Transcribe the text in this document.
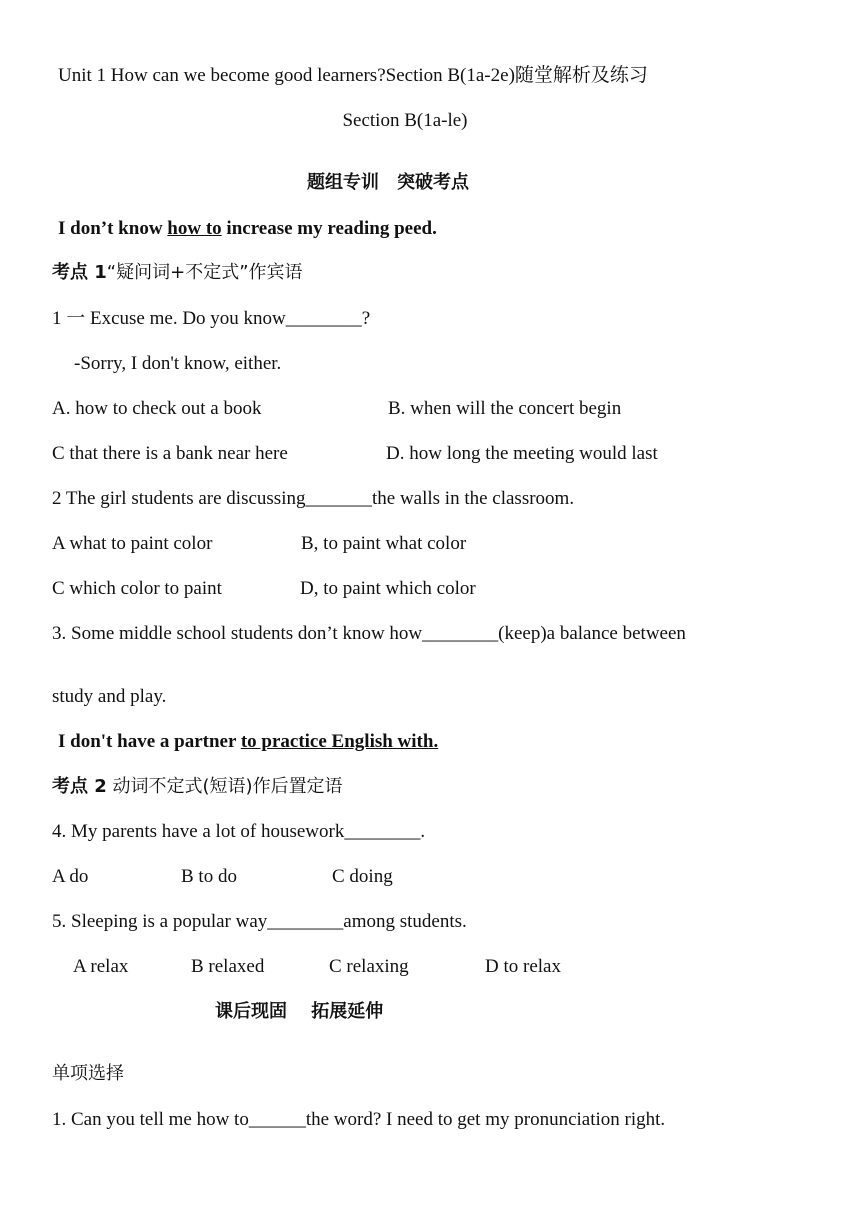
Unit 1 How can we become good learners?Section B(1a-2e)随堂解析及练习
Section B(1a-le)
题组专训　突破考点
I don’t know how to increase my reading peed.
考点 1“疑问词+不定式”作宾语
1 一 Excuse me. Do you know________?
-Sorry, I don't know, either.
A. how to check out a book	B. when will the concert begin
C that there is a bank near here	D. how long the meeting would last
2 The girl students are discussing_______the walls in the classroom.
A what to paint color	B, to paint what color
C which color to paint	D, to paint which color
3. Some middle school students don’t know how________(keep)a balance between
study and play.
I don't have a partner to practice English with.
考点 2 动词不定式(短语)作后置定语
4. My parents have a lot of housework________.
A do	B to do	C doing
5. Sleeping is a popular way________among students.
A relax	B relaxed	C relaxing	D to relax
课后现固　 拓展延伸
单项选择
1. Can you tell me how to______the word? I need to get my pronunciation right.
